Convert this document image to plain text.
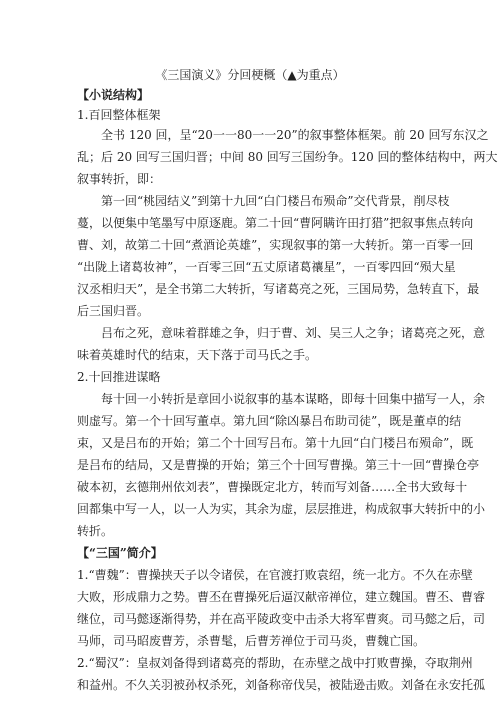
《三国演义》分回梗概（▲为重点）
【小说结构】
1.百回整体框架
全书 120 回，呈“20一一80一一20”的叙事整体框架。前 20 回写东汉之
乱；后 20 回写三国归晋；中间 80 回写三国纷争。120 回的整体结构中，两大
叙事转折，即：
第一回“桃园结义”到第十九回“白门楼吕布殒命”交代背景，削尽枝
蔓，以便集中笔墨写中原逐鹿。第二十回“曹阿瞒许田打猎”把叙事焦点转向
曹、刘，故第二十回“煮酒论英雄”，实现叙事的第一大转折。第一百零一回
“出陇上诸葛妆神”，一百零三回“五丈原诸葛禳星”，一百零四回“殒大星
汉丞相归天”，是全书第二大转折，写诸葛亮之死，三国局势，急转直下，最
后三国归晋。
吕布之死，意味着群雄之争，归于曹、刘、吴三人之争；诸葛亮之死，意
味着英雄时代的结束，天下落于司马氏之手。
2.十回推进谋略
每十回一小转折是章回小说叙事的基本谋略，即每十回集中描写一人，余
则虚写。第一个十回写董卓。第九回“除凶暴吕布助司徒”，既是董卓的结
束，又是吕布的开始；第二个十回写吕布。第十九回“白门楼吕布殒命”，既
是吕布的结局，又是曹操的开始；第三个十回写曹操。第三十一回“曹操仓亭
破本初，玄德荆州依刘表”，曹操既定北方，转而写刘备……全书大致每十
回都集中写一人，以一人为实，其余为虚，层层推进，构成叙事大转折中的小
转折。
【“三国”简介】
1.“曹魏”：曹操挟天子以令诸侯，在官渡打败袁绍，统一北方。不久在赤壁
大败，形成鼎力之势。曹丕在曹操死后逼汉献帝禅位，建立魏国。曹丕、曹睿
继位，司马懿逐渐得势，并在高平陵政变中击杀大将军曹爽。司马懿之后，司
马师，司马昭废曹芳，杀曹髦，后曹芳禅位于司马炎，曹魏亡国。
2.“蜀汉”：皇叔刘备得到诸葛亮的帮助，在赤壁之战中打败曹操，夺取荆州
和益州。不久关羽被孙权杀死，刘备称帝伐吴，被陆逊击败。刘备在永安托孤
